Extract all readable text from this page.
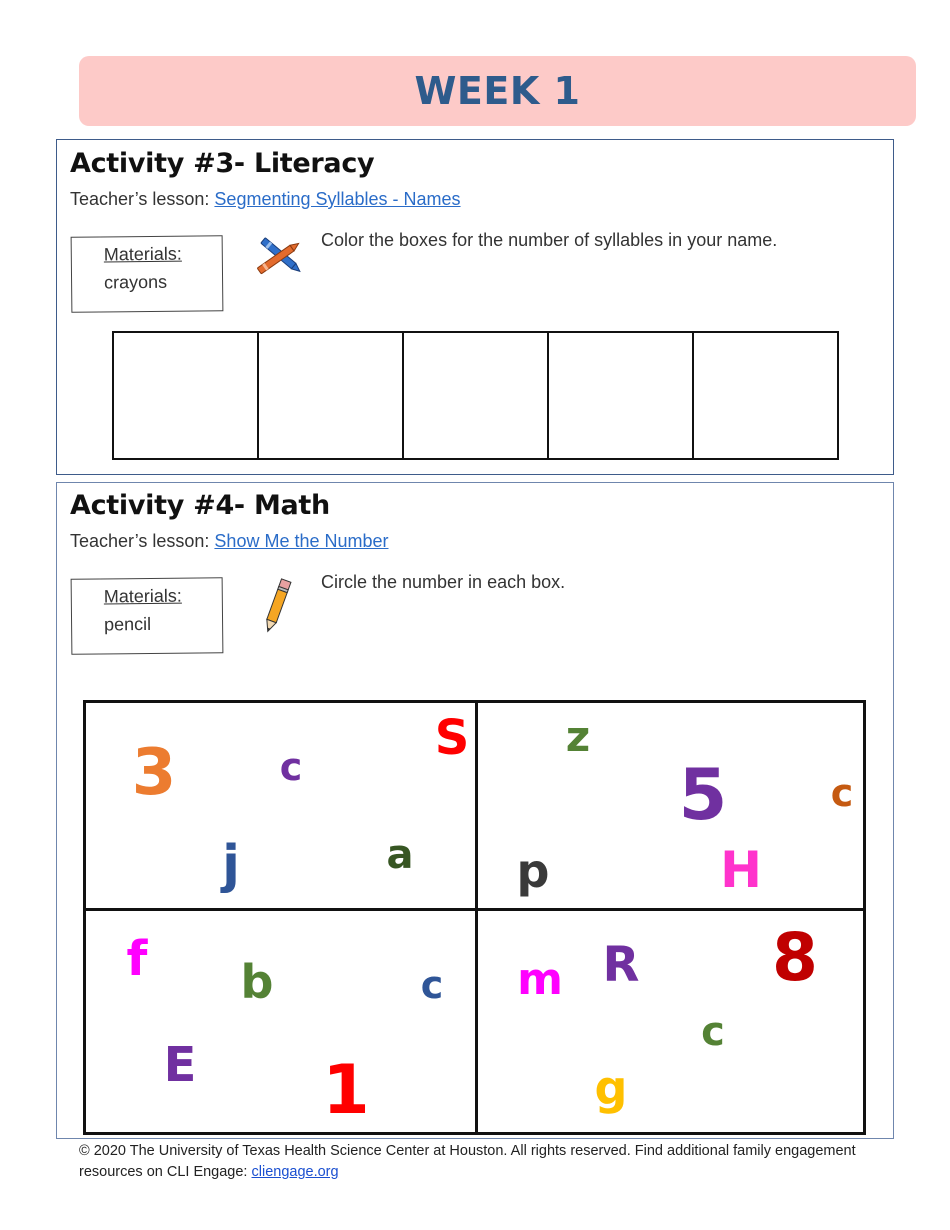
WEEK 1
Activity #3- Literacy
Teacher’s lesson: Segmenting Syllables - Names
Materials:
crayons
Color the boxes for the number of syllables in your name.
Activity #4- Math
Teacher’s lesson: Show Me the Number
Materials:
pencil
Circle the number in each box.
3	c
S
j	a
z
5	c
p	H
f b	c
E 1
m R 8
c
g
© 2020 The University of Texas Health Science Center at Houston. All rights reserved. Find additional family engagement resources on CLI Engage: cliengage.org
